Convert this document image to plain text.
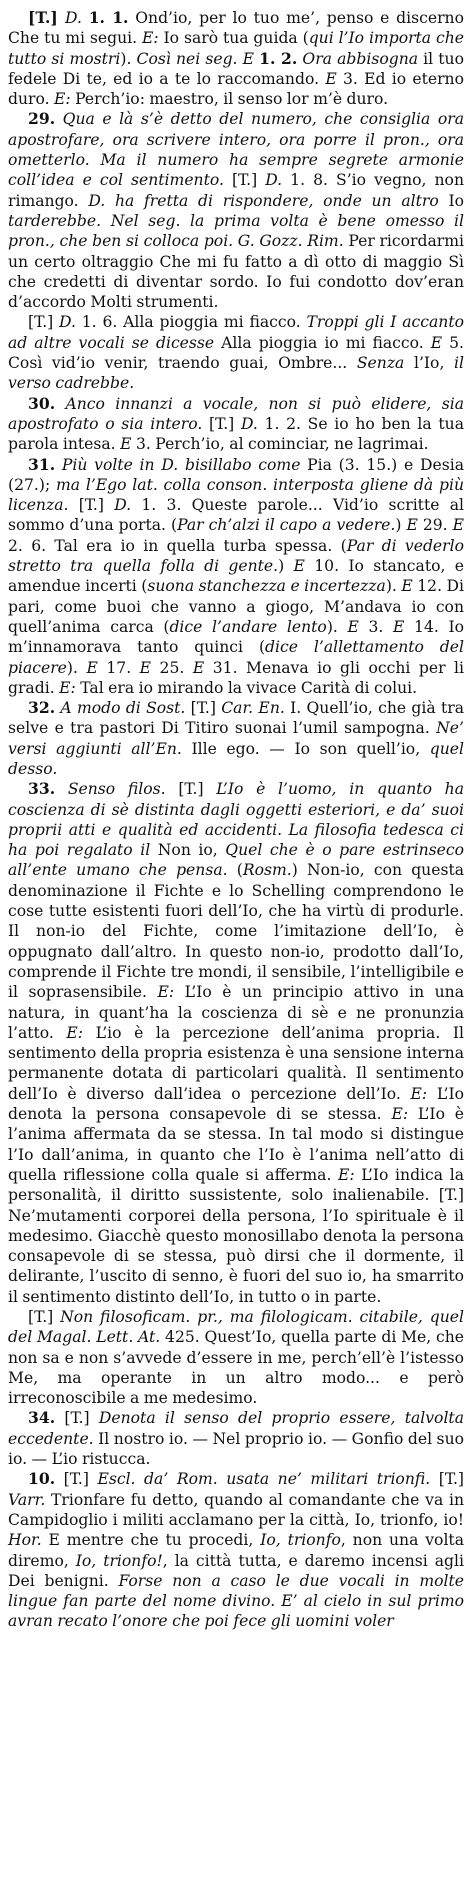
[T.] D. 1. 1. Ond’io, per lo tuo me’, penso e discerno Che tu mi segui. E: Io sarò tua guida (qui l’Io importa che tutto si mostri). Così nei seg. E 1. 2. Ora abbisogna il tuo fedele Di te, ed io a te lo raccomando. E 3. Ed io eterno duro. E: Perch’io: maestro, il senso lor m’è duro.

29. Qua e là s’è detto del numero, che consiglia ora apostrofare, ora scrivere intero, ora porre il pron., ora ometterlo. Ma il numero ha sempre segrete armonie coll’idea e col sentimento. [T.] D. 1. 8. S’io vegno, non rimango. D. ha fretta di rispondere, onde un altro Io tarderebbe. Nel seg. la prima volta è bene omesso il pron., che ben si colloca poi. G. Gozz. Rim. Per ricordarmi un certo oltraggio Che mi fu fatto a dì otto di maggio Sì che credetti di diventar sordo. Io fui condotto dov’eran d’accordo Molti strumenti.

[T.] D. 1. 6. Alla pioggia mi fiacco. Troppi gli I accanto ad altre vocali se dicesse Alla pioggia io mi fiacco. E 5. Così vid’io venir, traendo guai, Ombre... Senza l’Io, il verso cadrebbe.

30. Anco innanzi a vocale, non si può elidere, sia apostrofato o sia intero. [T.] D. 1. 2. Se io ho ben la tua parola intesa. E 3. Perch’io, al cominciar, ne lagrimai.

31. Più volte in D. bisillabo come Pia (3. 15.) e Desia (27.); ma l’Ego lat. colla conson. interposta gliene dà più licenza. [T.] D. 1. 3. Queste parole... Vid’io scritte al sommo d’una porta. (Par ch’alzi il capo a vedere.) E 29. E 2. 6. Tal era io in quella turba spessa. (Par di vederlo stretto tra quella folla di gente.) E 10. Io stancato, e amendue incerti (suona stanchezza e incertezza). E 12. Di pari, come buoi che vanno a giogo, M’andava io con quell’anima carca (dice l’andare lento). E 3. E 14. Io m’innamorava tanto quinci (dice l’allettamento del piacere). E 17. E 25. E 31. Menava io gli occhi per li gradi. E: Tal era io mirando la vivace Carità di colui.

32. A modo di Sost. [T.] Car. En. I. Quell’io, che già tra selve e tra pastori Di Titiro suonai l’umil sampogna. Ne’ versi aggiunti all’En. Ille ego. — Io son quell’io, quel desso.

33. Senso filos. [T.] L’Io è l’uomo, in quanto ha coscienza di sè distinta dagli oggetti esteriori, e da’ suoi proprii atti e qualità ed accidenti. La filosofia tedesca ci ha poi regalato il Non io, Quel che è o pare estrinseco all’ente umano che pensa. (Rosm.) Non-io, con questa denominazione il Fichte e lo Schelling comprendono le cose tutte esistenti fuori dell’Io, che ha virtù di produrle. Il non-io del Fichte, come l’imitazione dell’Io, è oppugnato dall’altro. In questo non-io, prodotto dall’Io, comprende il Fichte tre mondi, il sensibile, l’intelligibile e il soprasensibile. E: L’Io è un principio attivo in una natura, in quant’ha la coscienza di sè e ne pronunzia l’atto. E: L’io è la percezione dell’anima propria. Il sentimento della propria esistenza è una sensione interna permanente dotata di particolari qualità. Il sentimento dell’Io è diverso dall’idea o percezione dell’Io. E: L’Io denota la persona consapevole di se stessa. E: L’Io è l’anima affermata da se stessa. In tal modo si distingue l’Io dall’anima, in quanto che l’Io è l’anima nell’atto di quella riflessione colla quale si afferma. E: L’Io indica la personalità, il diritto sussistente, solo inalienabile. [T.] Ne’mutamenti corporei della persona, l’Io spirituale è il medesimo. Giacchè questo monosillabo denota la persona consapevole di se stessa, può dirsi che il dormente, il delirante, l’uscito di senno, è fuori del suo io, ha smarrito il sentimento distinto dell’Io, in tutto o in parte.

[T.] Non filosoficam. pr., ma filologicam. citabile, quel del Magal. Lett. At. 425. Quest’Io, quella parte di Me, che non sa e non s’avvede d’essere in me, perch’ell’è l’istesso Me, ma operante in un altro modo... e però irreconoscibile a me medesimo.

34. [T.] Denota il senso del proprio essere, talvolta eccedente. Il nostro io. — Nel proprio io. — Gonfio del suo io. — L’io ristucca.

10. [T.] Escl. da’ Rom. usata ne’ militari trionfi. [T.] Varr. Trionfare fu detto, quando al comandante che va in Campidoglio i militi acclamano per la città, Io, trionfo, io! Hor. E mentre che tu procedi, Io, trionfo, non una volta diremo, Io, trionfo!, la città tutta, e daremo incensi agli Dei benigni. Forse non a caso le due vocali in molte lingue fan parte del nome divino. E’ al cielo in sul primo avran recato l’onore che poi fece gli uomini voler
